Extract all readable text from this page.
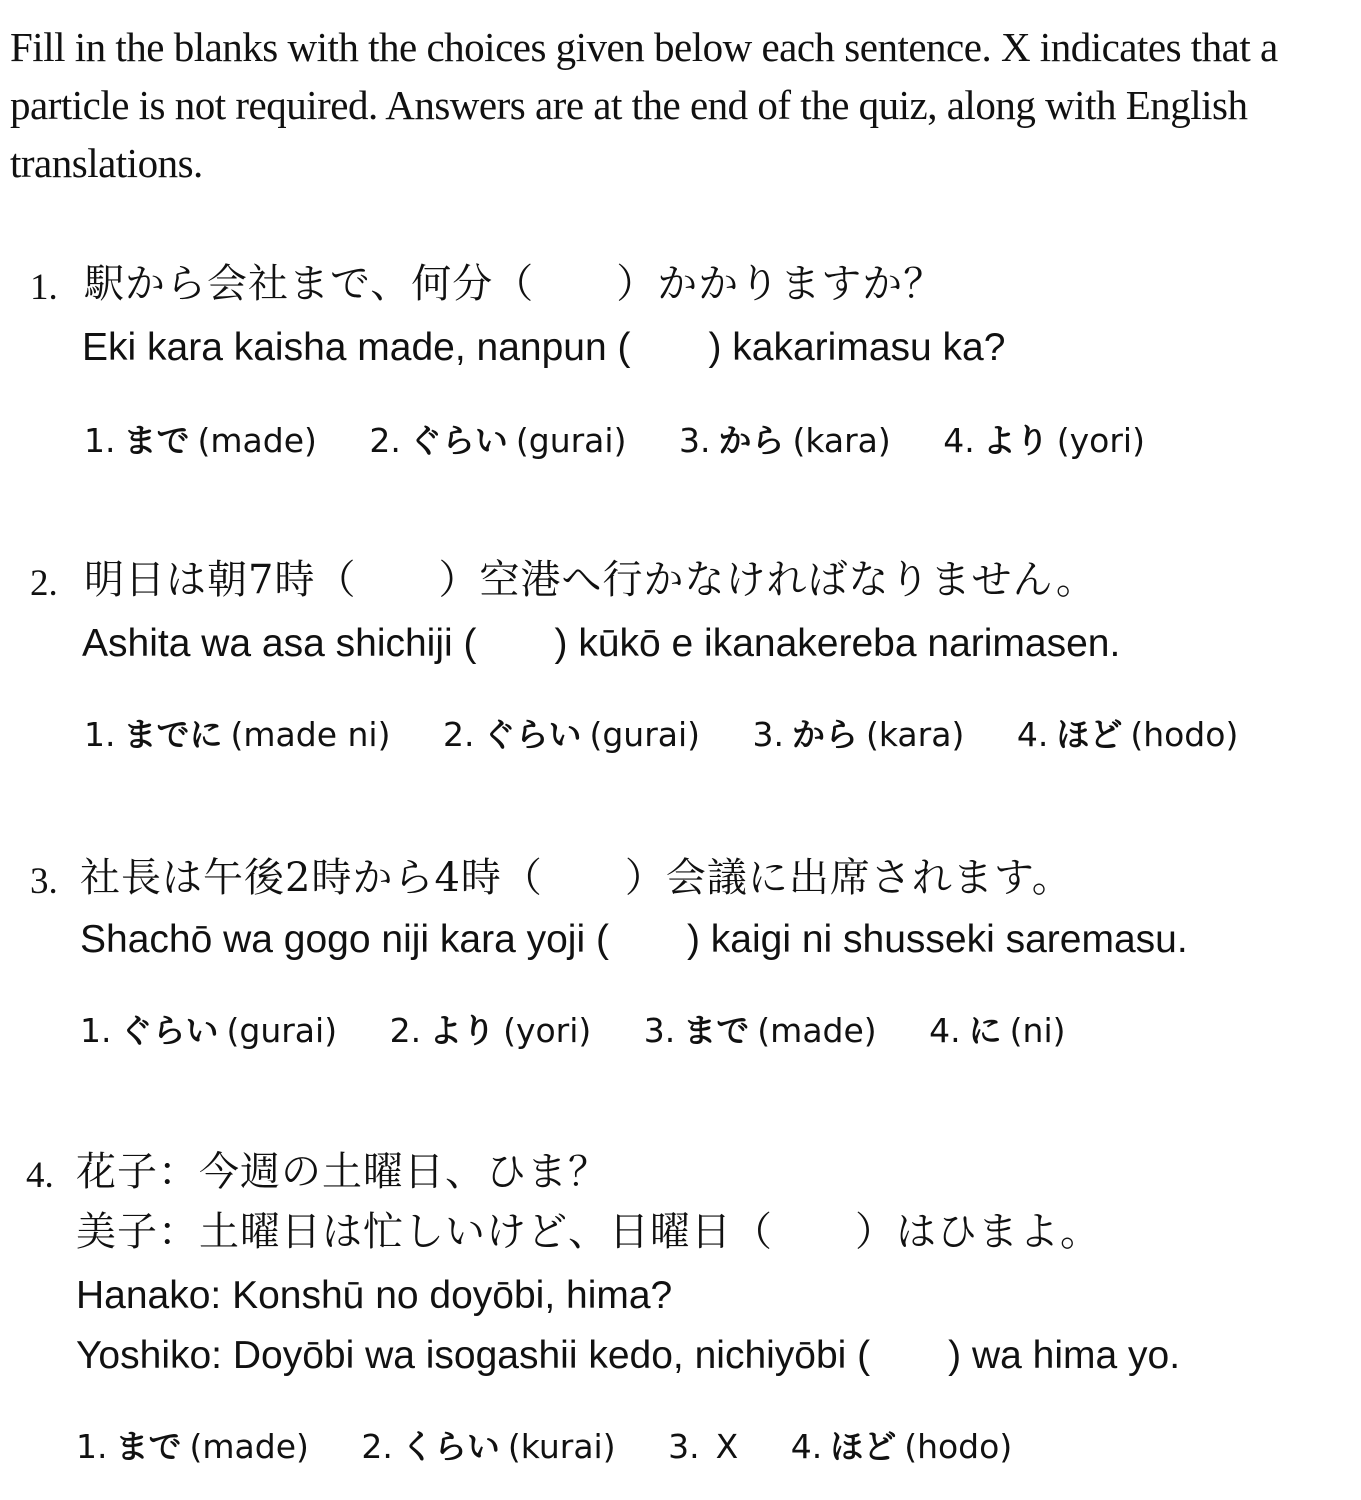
Fill in the blanks with the choices given below each sentence. X indicates that a particle is not required. Answers are at the end of the quiz, along with English translations.

1. 駅から会社まで、何分（　　）かかりますか？
Eki kara kaisha made, nanpun (　　) kakarimasu ka?
1. まで (made) 2. ぐらい (gurai) 3. から (kara) 4. より (yori)
2. 明日は朝7時（　　）空港へ行かなければなりません。
Ashita wa asa shichiji (　　) kūkō e ikanakereba narimasen.
1. までに (made ni) 2. ぐらい (gurai) 3. から (kara) 4. ほど (hodo)
3. 社長は午後2時から4時（　　）会議に出席されます。
Shachō wa gogo niji kara yoji (　　) kaigi ni shusseki saremasu.
1. ぐらい (gurai) 2. より (yori) 3. まで (made) 4. に (ni)
4. 花子：今週の土曜日、ひま？
美子：土曜日は忙しいけど、日曜日（　　）はひまよ。
Hanako: Konshū no doyōbi, hima?
Yoshiko: Doyōbi wa isogashii kedo, nichiyōbi (　　) wa hima yo.
1. まで (made) 2. くらい (kurai) 3. X 4. ほど (hodo)
